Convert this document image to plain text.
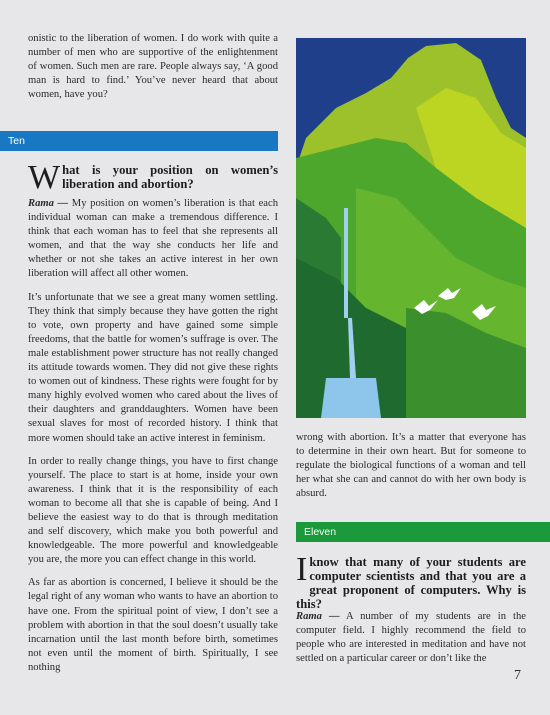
onistic to the liberation of women. I do work with quite a number of men who are supportive of the enlightenment of women. Such men are rare. People always say, ‘A good man is hard to find.’ You’ve never heard that about women, have you?

Ten

What is your position on women’s liberation and abortion?

Rama — My position on women’s liberation is that each individual woman can make a tremendous difference. I think that each woman has to feel that she represents all women, and that the way she conducts her life and whether or not she takes an active interest in her own liberation will affect all other women.

It’s unfortunate that we see a great many women settling. They think that simply because they have gotten the right to vote, own property and have gained some simple freedoms, that the battle for women’s suffrage is over. The male establishment power structure has not really changed its attitude towards women. They did not give these rights to women out of kindness. These rights were fought for by many highly evolved women who cared about the lives of their daughters and granddaughters. Women have been sexual slaves for most of recorded history. I think that more women should take an active interest in feminism.

In order to really change things, you have to first change yourself. The place to start is at home, inside your own awareness. I think that it is the responsibility of each woman to become all that she is capable of being. And I believe the easiest way to do that is through meditation and self discovery, which make you both powerful and knowledgeable. The more powerful and knowledgeable you are, the more you can effect change in this world.

As far as abortion is concerned, I believe it should be the legal right of any woman who wants to have an abortion to have one. From the spiritual point of view, I don’t see a problem with abortion in that the soul doesn’t usually take incarnation until the last month before birth, sometimes not even until the moment of birth. Spiritually, I see nothing

wrong with abortion. It’s a matter that everyone has to determine in their own heart. But for someone to regulate the biological functions of a woman and tell her what she can and cannot do with her own body is absurd.

Eleven

Iknow that many of your students are computer scientists and that you are a great proponent of computers. Why is this?

Rama — A number of my students are in the computer field. I highly recommend the field to people who are interested in meditation and have not settled on a particular career or don’t like the

7
